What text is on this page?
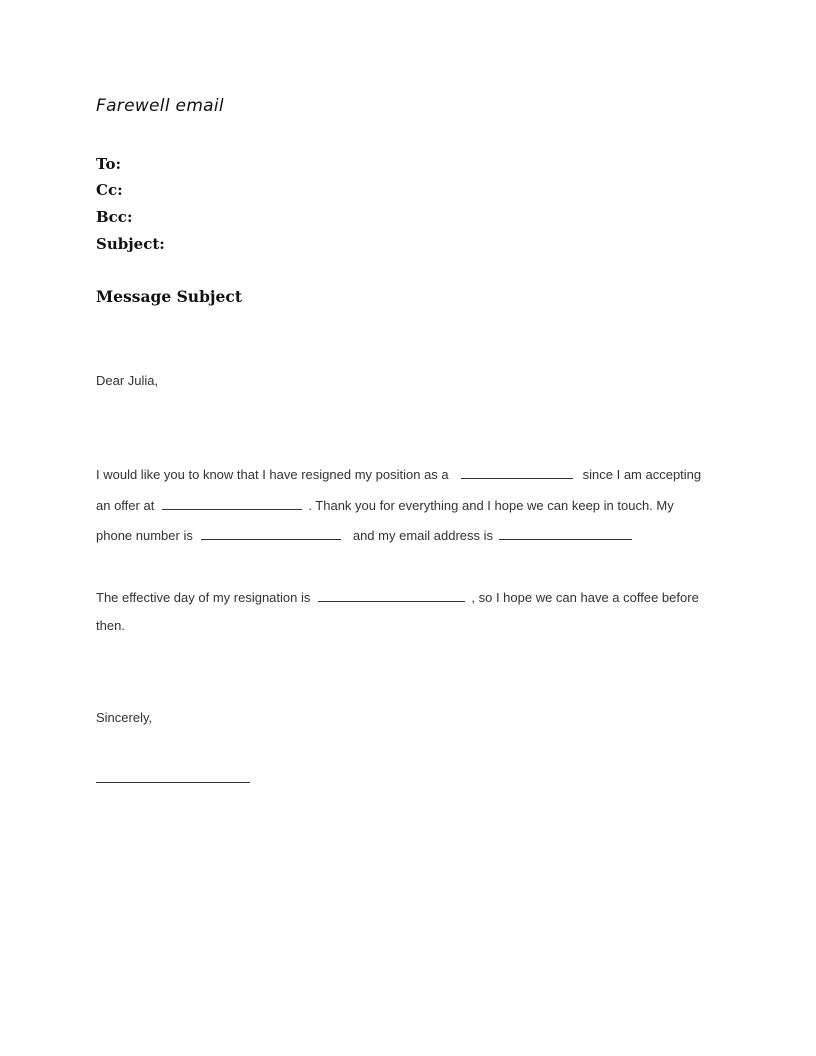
Farewell email
To:
Cc:
Bcc:
Subject:
Message Subject
Dear Julia,
I would like you to know that I have resigned my position as a	since I am accepting
an offer at	. Thank you for everything and I hope we can keep in touch. My
phone number is	and my email address is
The effective day of my resignation is	, so I hope we can have a coffee before
then.
Sincerely,
